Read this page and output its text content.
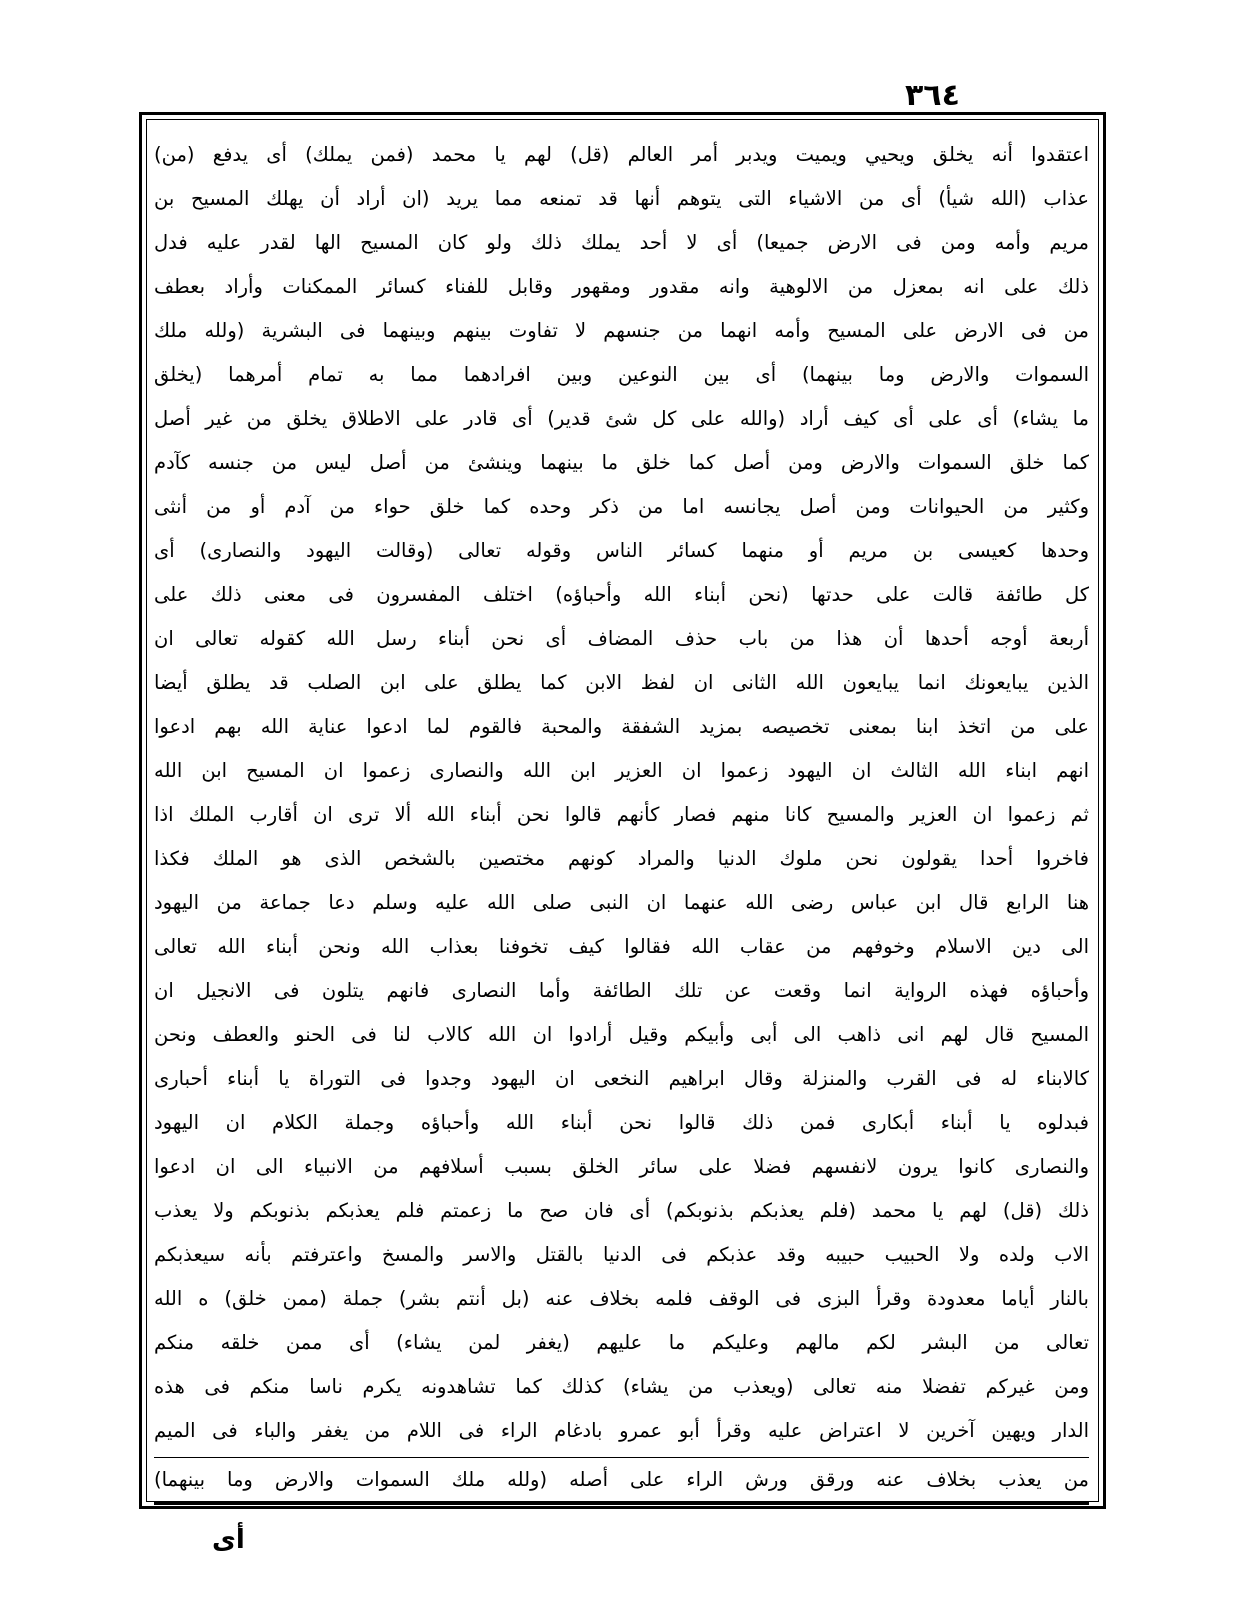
٣٦٤
اعتقدوا أنه يخلق ويحيي ويميت ويدبر أمر العالم (قل) لهم يا محمد (فمن يملك) أى يدفع (من)
عذاب (الله شيأ) أى من الاشياء التى يتوهم أنها قد تمنعه مما يريد (ان أراد أن يهلك المسيح بن
مريم وأمه ومن فى الارض جميعا) أى لا أحد يملك ذلك ولو كان المسيح الها لقدر عليه فدل
ذلك على انه بمعزل من الالوهية وانه مقدور ومقهور وقابل للفناء كسائر الممكنات وأراد بعطف
من فى الارض على المسيح وأمه انهما من جنسهم لا تفاوت بينهم وبينهما فى البشرية (ولله ملك
السموات والارض وما بينهما) أى بين النوعين وبين افرادهما مما به تمام أمرهما (يخلق
ما يشاء) أى على أى كيف أراد (والله على كل شئ قدير) أى قادر على الاطلاق يخلق من غير أصل
كما خلق السموات والارض ومن أصل كما خلق ما بينهما وينشئ من أصل ليس من جنسه كآدم
وكثير من الحيوانات ومن أصل يجانسه اما من ذكر وحده كما خلق حواء من آدم أو من أنثى
وحدها كعيسى بن مريم أو منهما كسائر الناس وقوله تعالى (وقالت اليهود والنصارى) أى
كل طائفة قالت على حدتها (نحن أبناء الله وأحباؤه) اختلف المفسرون فى معنى ذلك على
أربعة أوجه أحدها أن هذا من باب حذف المضاف أى نحن أبناء رسل الله كقوله تعالى ان
الذين يبايعونك انما يبايعون الله الثانى ان لفظ الابن كما يطلق على ابن الصلب قد يطلق أيضا
على من اتخذ ابنا بمعنى تخصيصه بمزيد الشفقة والمحبة فالقوم لما ادعوا عناية الله بهم ادعوا
انهم ابناء الله الثالث ان اليهود زعموا ان العزير ابن الله والنصارى زعموا ان المسيح ابن الله
ثم زعموا ان العزير والمسيح كانا منهم فصار كأنهم قالوا نحن أبناء الله ألا ترى ان أقارب الملك اذا
فاخروا أحدا يقولون نحن ملوك الدنيا والمراد كونهم مختصين بالشخص الذى هو الملك فكذا
هنا الرابع قال ابن عباس رضى الله عنهما ان النبى صلى الله عليه وسلم دعا جماعة من اليهود
الى دين الاسلام وخوفهم من عقاب الله فقالوا كيف تخوفنا بعذاب الله ونحن أبناء الله تعالى
وأحباؤه فهذه الرواية انما وقعت عن تلك الطائفة وأما النصارى فانهم يتلون فى الانجيل ان
المسيح قال لهم انى ذاهب الى أبى وأبيكم وقيل أرادوا ان الله كالاب لنا فى الحنو والعطف ونحن
كالابناء له فى القرب والمنزلة وقال ابراهيم النخعى ان اليهود وجدوا فى التوراة يا أبناء أحبارى
فبدلوه يا أبناء أبكارى فمن ذلك قالوا نحن أبناء الله وأحباؤه وجملة الكلام ان اليهود
والنصارى كانوا يرون لانفسهم فضلا على سائر الخلق بسبب أسلافهم من الانبياء الى ان ادعوا
ذلك (قل) لهم يا محمد (فلم يعذبكم بذنوبكم) أى فان صح ما زعمتم فلم يعذبكم بذنوبكم ولا يعذب
الاب ولده ولا الحبيب حبيبه وقد عذبكم فى الدنيا بالقتل والاسر والمسخ واعترفتم بأنه سيعذبكم
بالنار أياما معدودة وقرأ البزى فى الوقف فلمه بخلاف عنه (بل أنتم بشر) جملة (ممن خلق) ه الله
تعالى من البشر لكم مالهم وعليكم ما عليهم (يغفر لمن يشاء) أى ممن خلقه منكم
ومن غيركم تفضلا منه تعالى (ويعذب من يشاء) كذلك كما تشاهدونه يكرم ناسا منكم فى هذه
الدار ويهين آخرين لا اعتراض عليه وقرأ أبو عمرو بادغام الراء فى اللام من يغفر والباء فى الميم
من يعذب بخلاف عنه ورقق ورش الراء على أصله (ولله ملك السموات والارض وما بينهما)
أى
